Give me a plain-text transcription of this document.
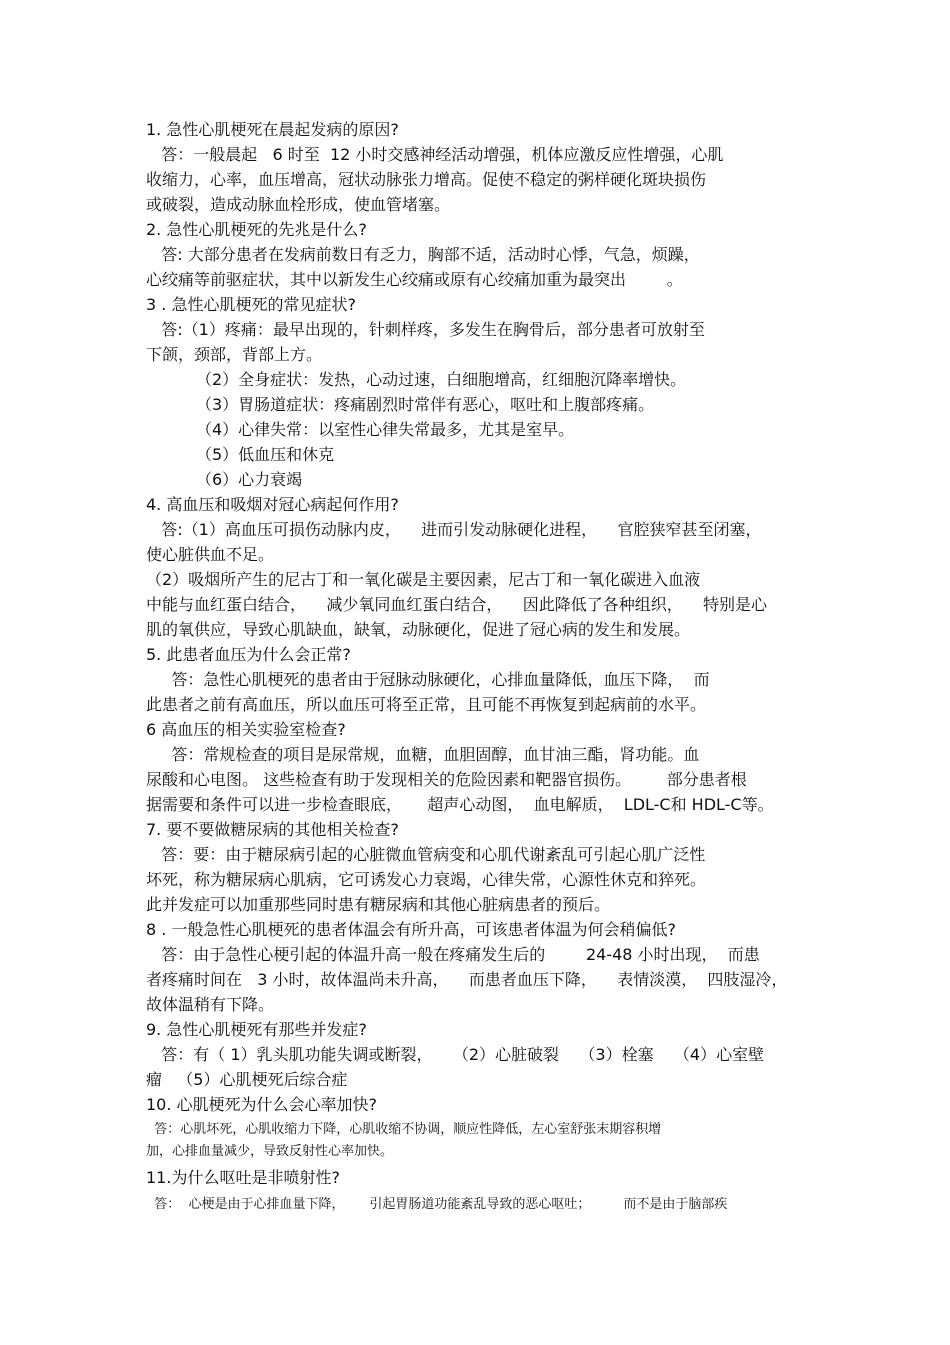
1. 急性心肌梗死在晨起发病的原因?
答：一般晨起   6 时至  12 小时交感神经活动增强，机体应激反应性增强，心肌
收缩力，心率，血压增高，冠状动脉张力增高。促使不稳定的粥样硬化斑块损伤
或破裂，造成动脉血栓形成，使血管堵塞。
2. 急性心肌梗死的先兆是什么?
答: 大部分患者在发病前数日有乏力，胸部不适，活动时心悸，气急，烦躁，
心绞痛等前驱症状，其中以新发生心绞痛或原有心绞痛加重为最突出        。
3 . 急性心肌梗死的常见症状?
答:（1）疼痛：最早出现的，针刺样疼，多发生在胸骨后，部分患者可放射至
下颌，颈部，背部上方。
（2）全身症状：发热，心动过速，白细胞增高，红细胞沉降率增快。
（3）胃肠道症状：疼痛剧烈时常伴有恶心，呕吐和上腹部疼痛。
（4）心律失常：以室性心律失常最多，尤其是室早。
（5）低血压和休克
（6）心力衰竭
4. 高血压和吸烟对冠心病起何作用?
答:（1）高血压可损伤动脉内皮，    进而引发动脉硬化进程，    官腔狭窄甚至闭塞，
使心脏供血不足。
（2）吸烟所产生的尼古丁和一氧化碳是主要因素，尼古丁和一氧化碳进入血液
中能与血红蛋白结合，    减少氧同血红蛋白结合，    因此降低了各种组织，    特别是心
肌的氧供应，导致心肌缺血，缺氧，动脉硬化，促进了冠心病的发生和发展。
5. 此患者血压为什么会正常?
答：急性心肌梗死的患者由于冠脉动脉硬化，心排血量降低，血压下降，  而
此患者之前有高血压，所以血压可将至正常，且可能不再恢复到起病前的水平。
6 高血压的相关实验室检查?
答：常规检查的项目是尿常规，血糖，血胆固醇，血甘油三酯，肾功能。血
尿酸和心电图。 这些检查有助于发现相关的危险因素和靶器官损伤。       部分患者根
据需要和条件可以进一步检查眼底，     超声心动图，  血电解质，  LDL-C和 HDL-C等。
7. 要不要做糖尿病的其他相关检查?
答：要：由于糖尿病引起的心脏微血管病变和心肌代谢紊乱可引起心肌广泛性
坏死，称为糖尿病心肌病，它可诱发心力衰竭，心律失常，心源性休克和猝死。
此并发症可以加重那些同时患有糖尿病和其他心脏病患者的预后。
8 . 一般急性心肌梗死的患者体温会有所升高，可该患者体温为何会稍偏低?
答：由于急性心梗引起的体温升高一般在疼痛发生后的        24-48 小时出现，  而患
者疼痛时间在   3 小时，故体温尚未升高，    而患者血压下降，    表情淡漠，  四肢湿冷，
故体温稍有下降。
9. 急性心肌梗死有那些并发症?
答：有（ 1）乳头肌功能失调或断裂，    （2）心脏破裂    （3）栓塞    （4）心室壁
瘤   （5）心肌梗死后综合症
10. 心肌梗死为什么会心率加快?
答：心肌坏死，心肌收缩力下降，心肌收缩不协调，顺应性降低，左心室舒张末期容积增
加，心排血量减少，导致反射性心率加快。
11.为什么呕吐是非喷射性?
答：  心梗是由于心排血量下降，      引起胃肠道功能紊乱导致的恶心呕吐；        而不是由于脑部疾
